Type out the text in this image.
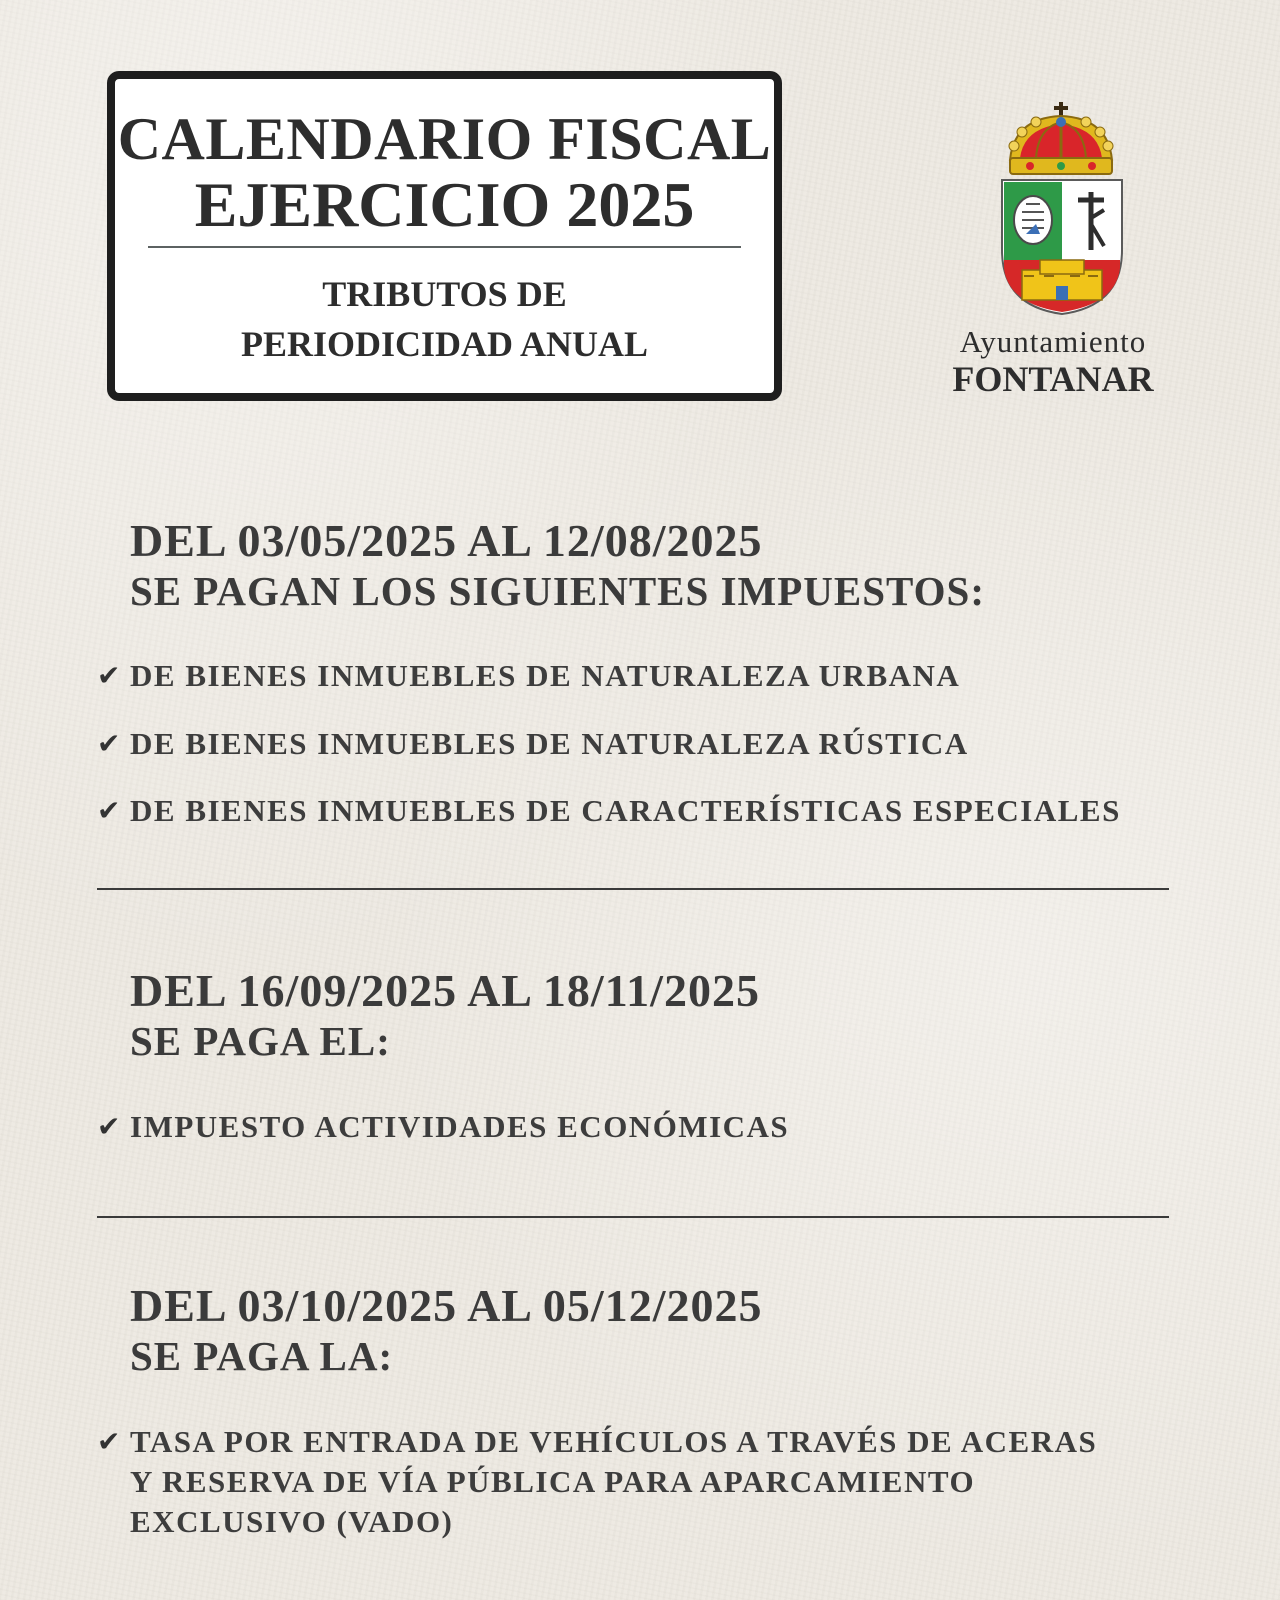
CALENDARIO FISCAL
EJERCICIO 2025
TRIBUTOS DE
PERIODICIDAD ANUAL	Ayuntamiento
FONTANAR
DEL 03/05/2025 AL 12/08/2025
SE PAGAN LOS SIGUIENTES IMPUESTOS:
✔ DE BIENES INMUEBLES DE NATURALEZA URBANA
✔ DE BIENES INMUEBLES DE NATURALEZA RÚSTICA
✔ DE BIENES INMUEBLES DE CARACTERÍSTICAS ESPECIALES
DEL 16/09/2025 AL 18/11/2025
SE PAGA EL:
✔ IMPUESTO ACTIVIDADES ECONÓMICAS
DEL 03/10/2025 AL 05/12/2025
SE PAGA LA:
✔ TASA POR ENTRADA DE VEHÍCULOS A TRAVÉS DE ACERAS
Y RESERVA DE VÍA PÚBLICA PARA APARCAMIENTO
EXCLUSIVO (VADO)
